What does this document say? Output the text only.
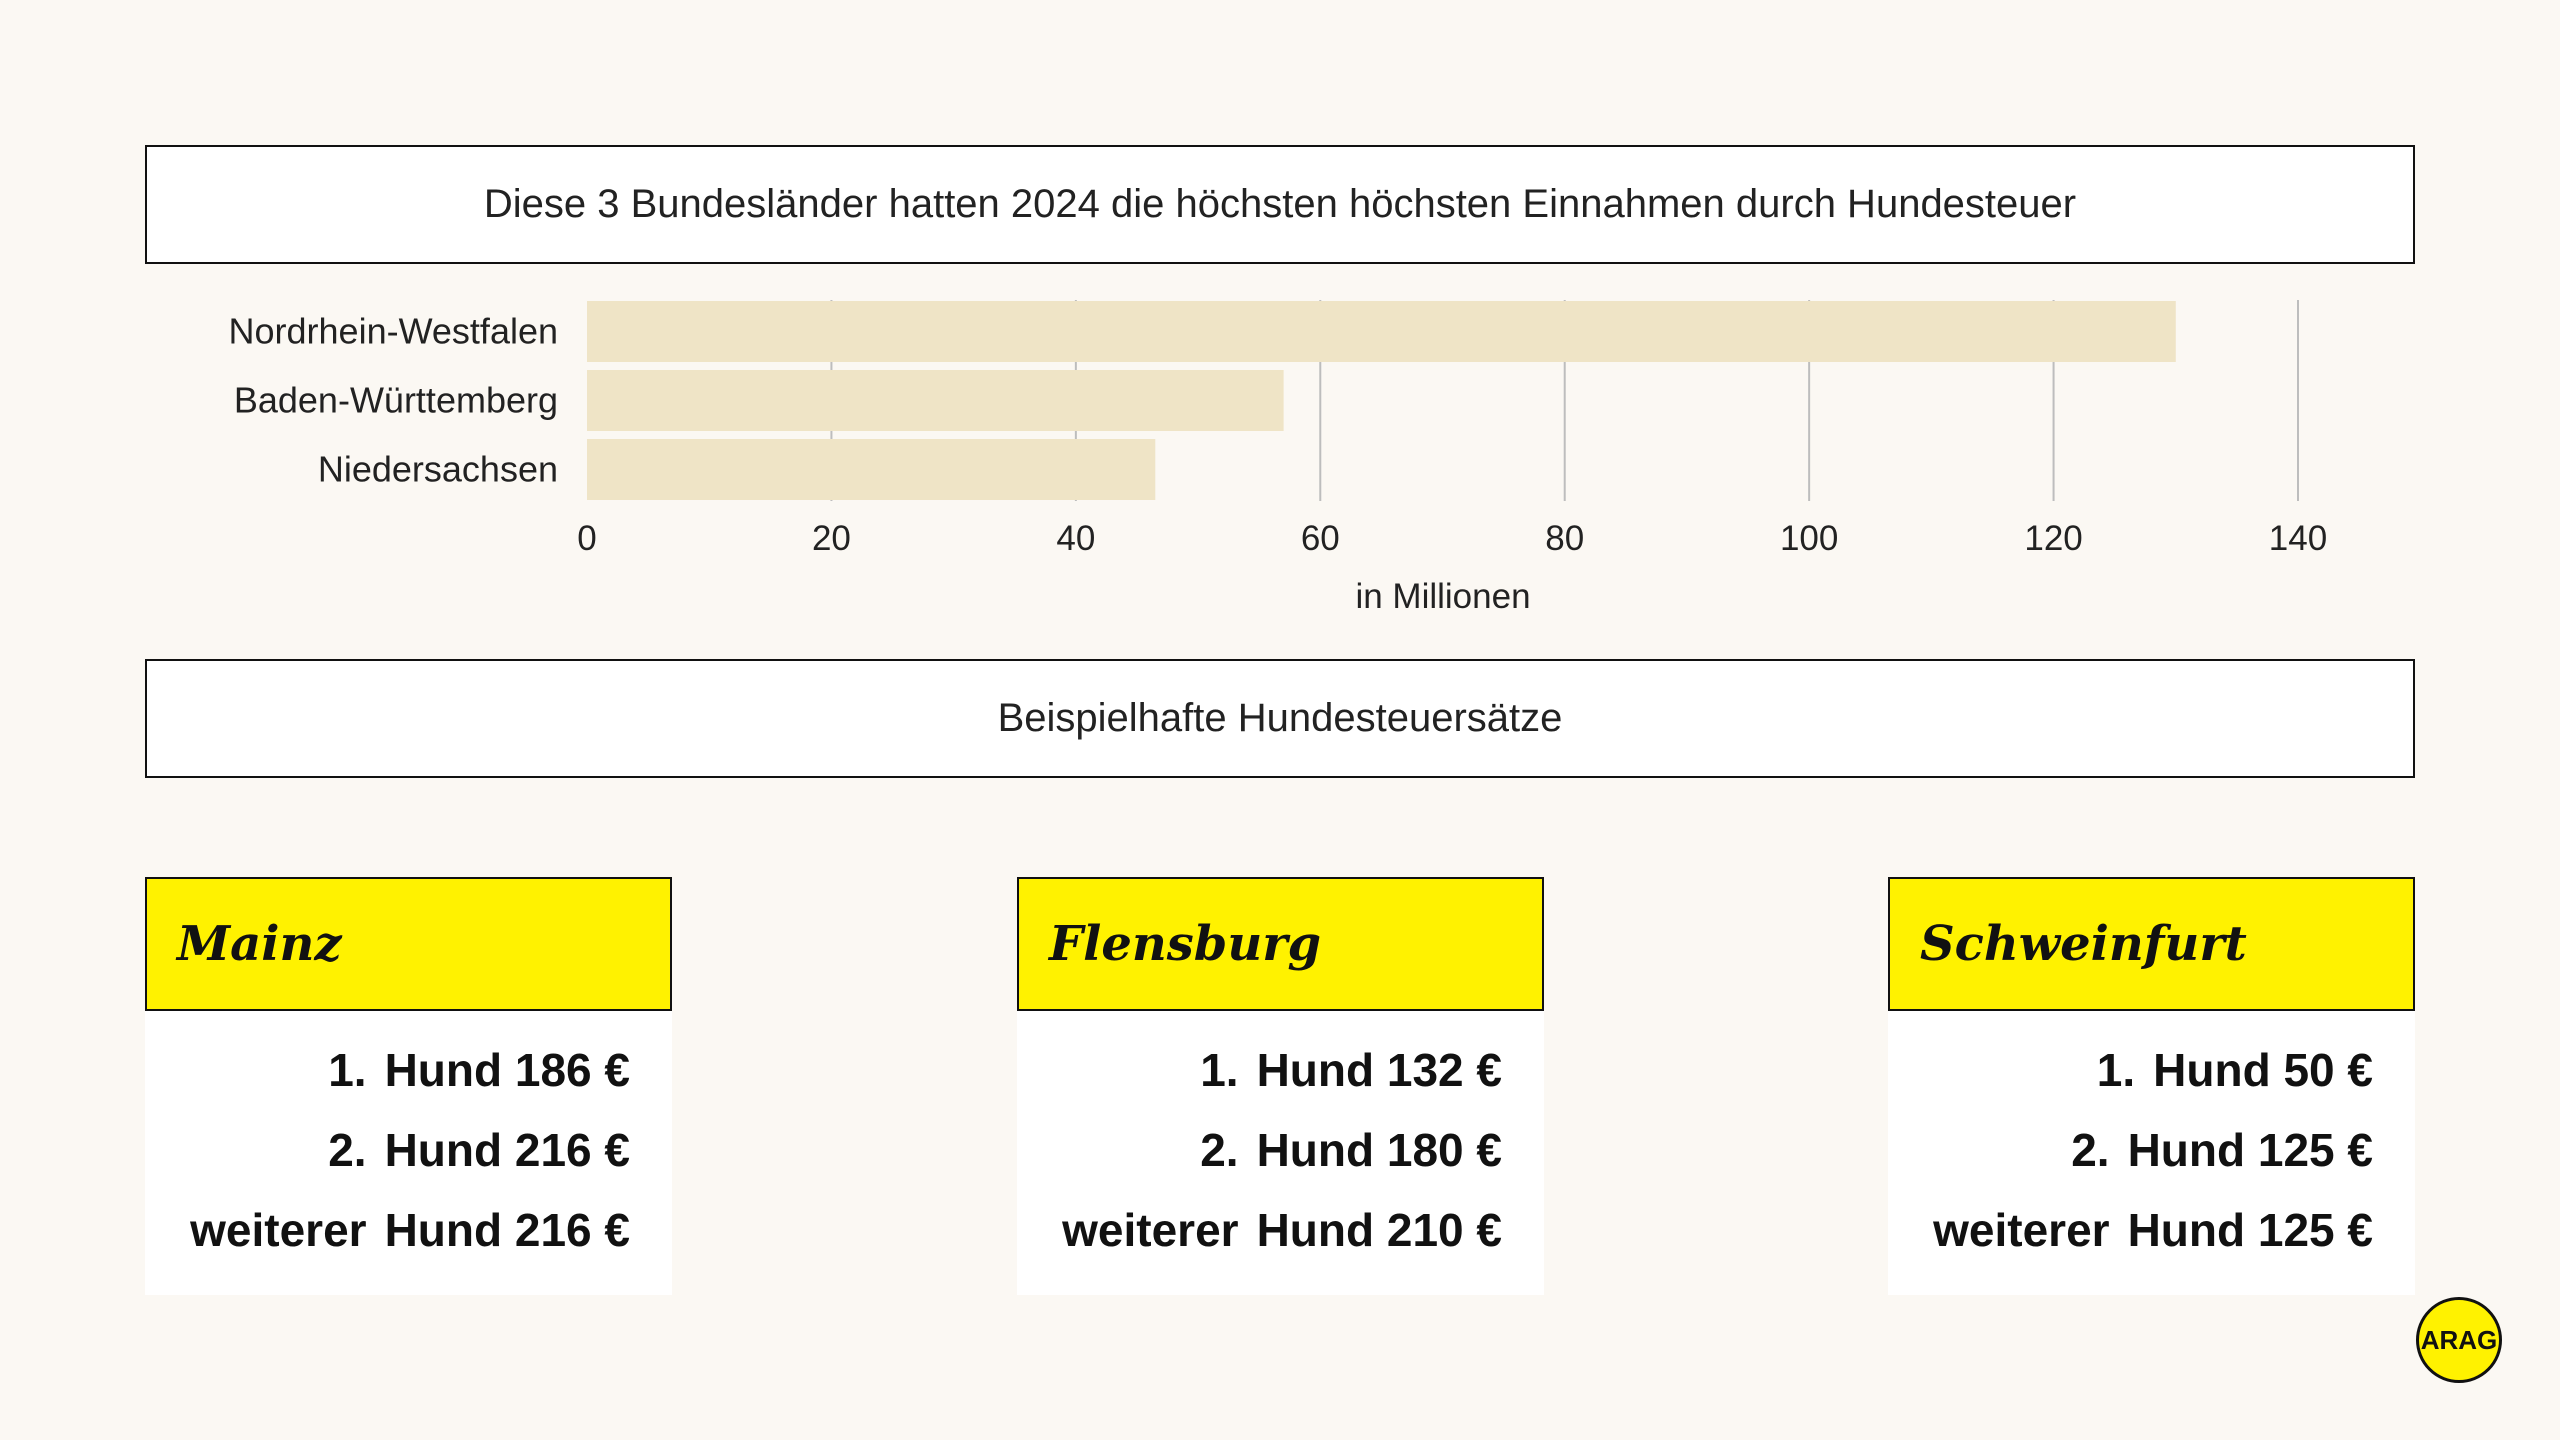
Diese 3 Bundesländer hatten 2024 die höchsten höchsten Einnahmen durch Hundesteuer
Nordrhein-Westfalen
Baden-Württemberg
Niedersachsen
0	20	40	60	80	100	120	140
in Millionen
Beispielhafte Hundesteuersätze
Mainz
1. Hund 186 €
2. Hund 216 €
weiterer Hund 216 €
Flensburg
1. Hund 132 €
2. Hund 180 €
weiterer Hund 210 €
Schweinfurt
1. Hund 50 €
2. Hund 125 €
weiterer Hund 125 €
ARAG
